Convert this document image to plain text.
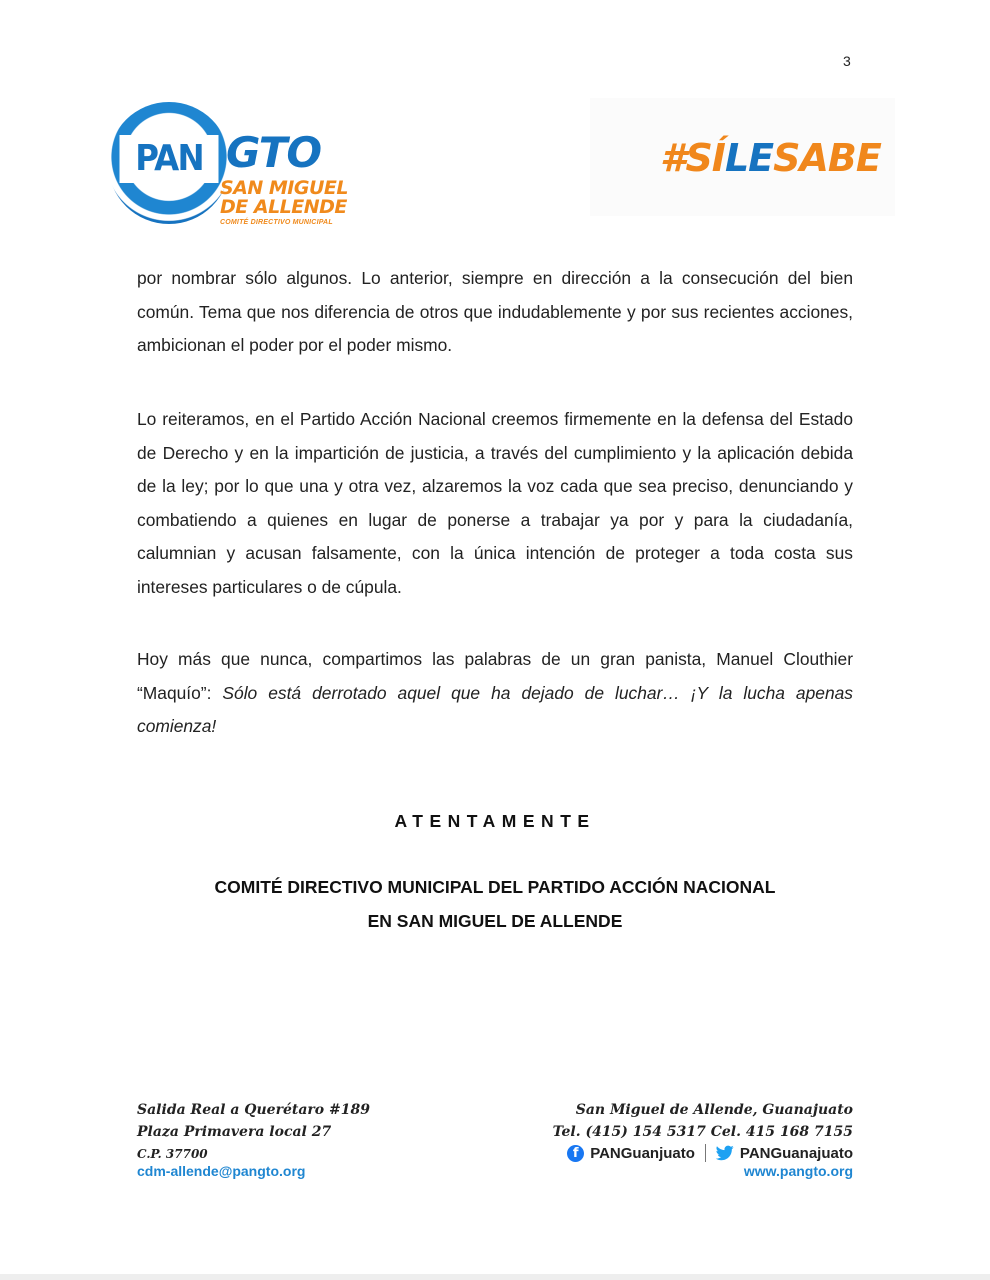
3
PAN GTO
SAN MIGUEL
DE ALLENDE
COMITÉ DIRECTIVO MUNICIPAL
#SÍLESABE
por nombrar sólo algunos. Lo anterior, siempre en dirección a la consecución del bien común. Tema que nos diferencia de otros que indudablemente y por sus recientes acciones, ambicionan el poder por el poder mismo.
Lo reiteramos, en el Partido Acción Nacional creemos firmemente en la defensa del Estado de Derecho y en la impartición de justicia, a través del cumplimiento y la aplicación debida de la ley; por lo que una y otra vez, alzaremos la voz cada que sea preciso, denunciando y combatiendo a quienes en lugar de ponerse a trabajar ya por y para la ciudadanía, calumnian y acusan falsamente, con la única intención de proteger a toda costa sus intereses particulares o de cúpula.
Hoy más que nunca, compartimos las palabras de un gran panista, Manuel Clouthier “Maquío”: Sólo está derrotado aquel que ha dejado de luchar… ¡Y la lucha apenas comienza!
ATENTAMENTE
COMITÉ DIRECTIVO MUNICIPAL DEL PARTIDO ACCIÓN NACIONAL
EN SAN MIGUEL DE ALLENDE
Salida Real a Querétaro #189
Plaza Primavera local 27
C.P. 37700
cdm-allende@pangto.org
San Miguel de Allende, Guanajuato
Tel. (415) 154 5317 Cel. 415 168 7155
f PANGuanjuato	PANGuanajuato
www.pangto.org
